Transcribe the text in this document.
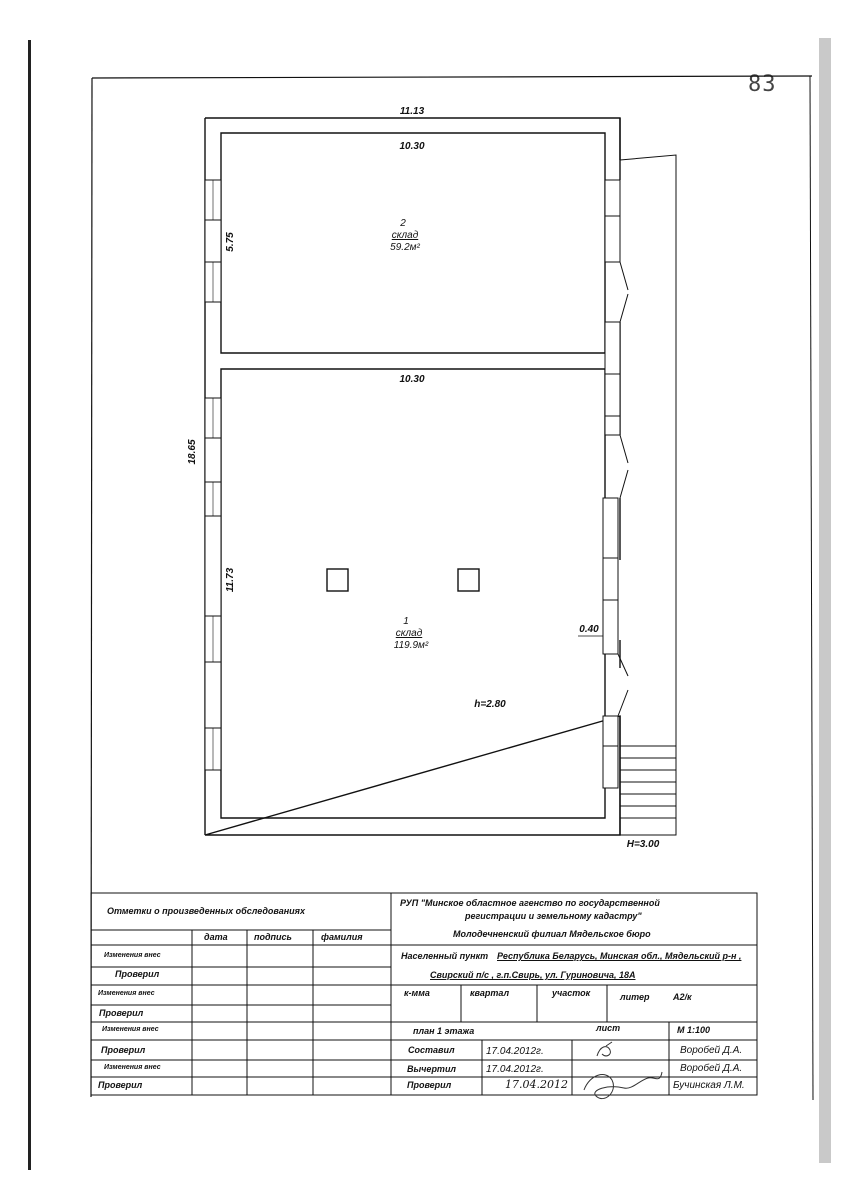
83
11.13
10.30
5.75
10.30
18.65
11.73
0.40
h=2.80
H=3.00
2
склад
59.2м²
1
склад
119.9м²
Отметки о произведенных обследованиях
дата	подпись	фамилия
Изменения внес
Проверил
Изменения внес
Проверил
Изменения внес
Проверил
Изменения внес
Проверил
РУП "Минское областное агенство по государственной
регистрации и земельному кадастру"
Молодечненский филиал Мядельское бюро
Населенный пункт Республика Беларусь, Минская обл., Мядельский р-н ,
Свирский п/с , г.п.Свирь, ул. Гуриновича, 18А
к-мма	квартал	участок	литер	А2/к
план 1 этажа	лист	М 1:100
Составил	17.04.2012г.	Воробей Д.А.
Вычертил	17.04.2012г.	Воробей Д.А.
Проверил	17.04.2012	Бучинская Л.М.
